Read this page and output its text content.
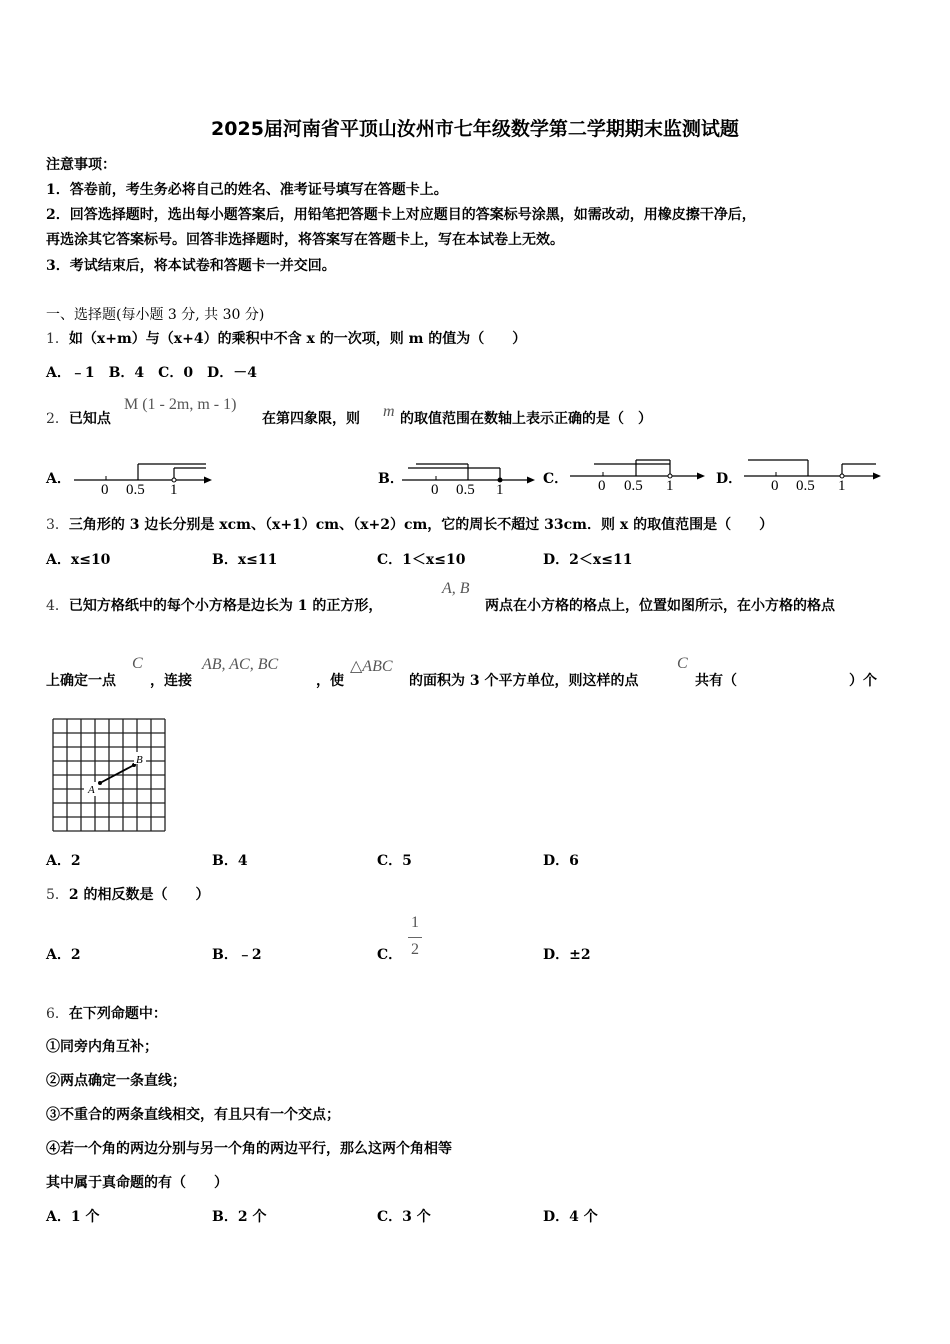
2025届河南省平顶山汝州市七年级数学第二学期期末监测试题
注意事项：
1．答卷前，考生务必将自己的姓名、准考证号填写在答题卡上。
2．回答选择题时，选出每小题答案后，用铅笔把答题卡上对应题目的答案标号涂黑，如需改动，用橡皮擦干净后，
再选涂其它答案标号。回答非选择题时，将答案写在答题卡上，写在本试卷上无效。
3．考试结束后，将本试卷和答题卡一并交回。
一、选择题(每小题 3 分, 共 30 分)
1．如（x+m）与（x+4）的乘积中不含 x 的一次项，则 m 的值为（　　）
A．﹣1　B．4　C．0　D．－4
2．已知点
M (1 - 2m, m - 1)
在第四象限，则 m 的取值范围在数轴上表示正确的是（　）
A．	B．	C．	D．
0 0.5 1	0 0.5 1	0 0.5 1	0 0.5 1
3．三角形的 3 边长分别是 xcm、（x+1）cm、（x+2）cm，它的周长不超过 33cm．则 x 的取值范围是（　　）
A．x≤10	B．x≤11	C．1＜x≤10	D．2＜x≤11
4．已知方格纸中的每个小方格是边长为 1 的正方形，
A, B
两点在小方格的格点上，位置如图所示，在小方格的格点
上确定一点
C
，连接
AB, AC, BC
，使
△ABC
的面积为 3 个平方单位，则这样的点
C
共有（　　　　　　　　）个
A
B
A．2	B．4	C．5	D．6
5．2 的相反数是（　　）
A．2	B．﹣2	C．
1
2	D．±2
6．在下列命题中：
①同旁内角互补；
②两点确定一条直线；
③不重合的两条直线相交，有且只有一个交点；
④若一个角的两边分别与另一个角的两边平行，那么这两个角相等
其中属于真命题的有（　　）
A．1 个	B．2 个	C．3 个	D．4 个
